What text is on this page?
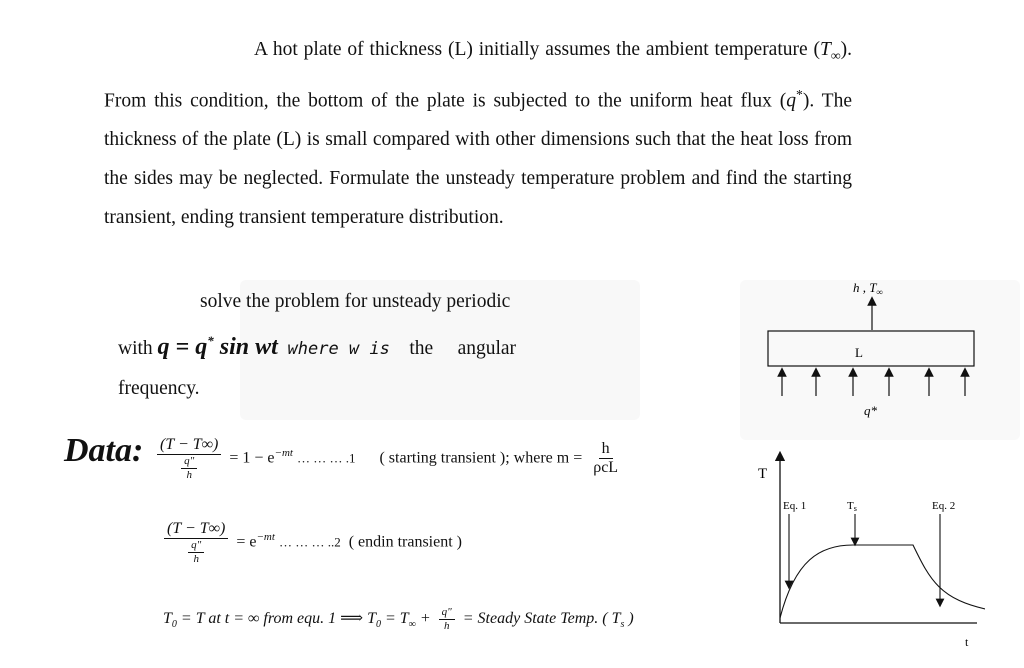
A hot plate of thickness (L) initially assumes the ambient temperature $(T_\infty)$. From this condition, the bottom of the plate is subjected to the uniform heat flux (q*). The thickness of the plate (L) is small compared with other dimensions such that the heat loss from the sides may be neglected. Formulate the unsteady temperature problem and find the starting transient, ending transient temperature distribution.

solve the problem for unsteady periodic
with q = q* sin wt where w is the angular
frequency.
Data: $\frac{(T - T\infty)}{\frac{q"}{h}} = 1 - e^{-mt}$ … … … .1 ( starting transient ); where $m = \frac{h}{\text{ρcL}}$
$\frac{(T - T\infty)}{\frac{q"}{h}} = e^{-mt}$ … … … ..2 ( endin transient )
$T_0 = T$ at t = ∞ from equ. 1 ⟹ $T_0 = T_\infty + \frac{q"}{h}$ = Steady State Temp. ( $T_s$ )
h , $T_\infty$
L
q*
T
t
Eq. 1	Ts	Eq. 2
